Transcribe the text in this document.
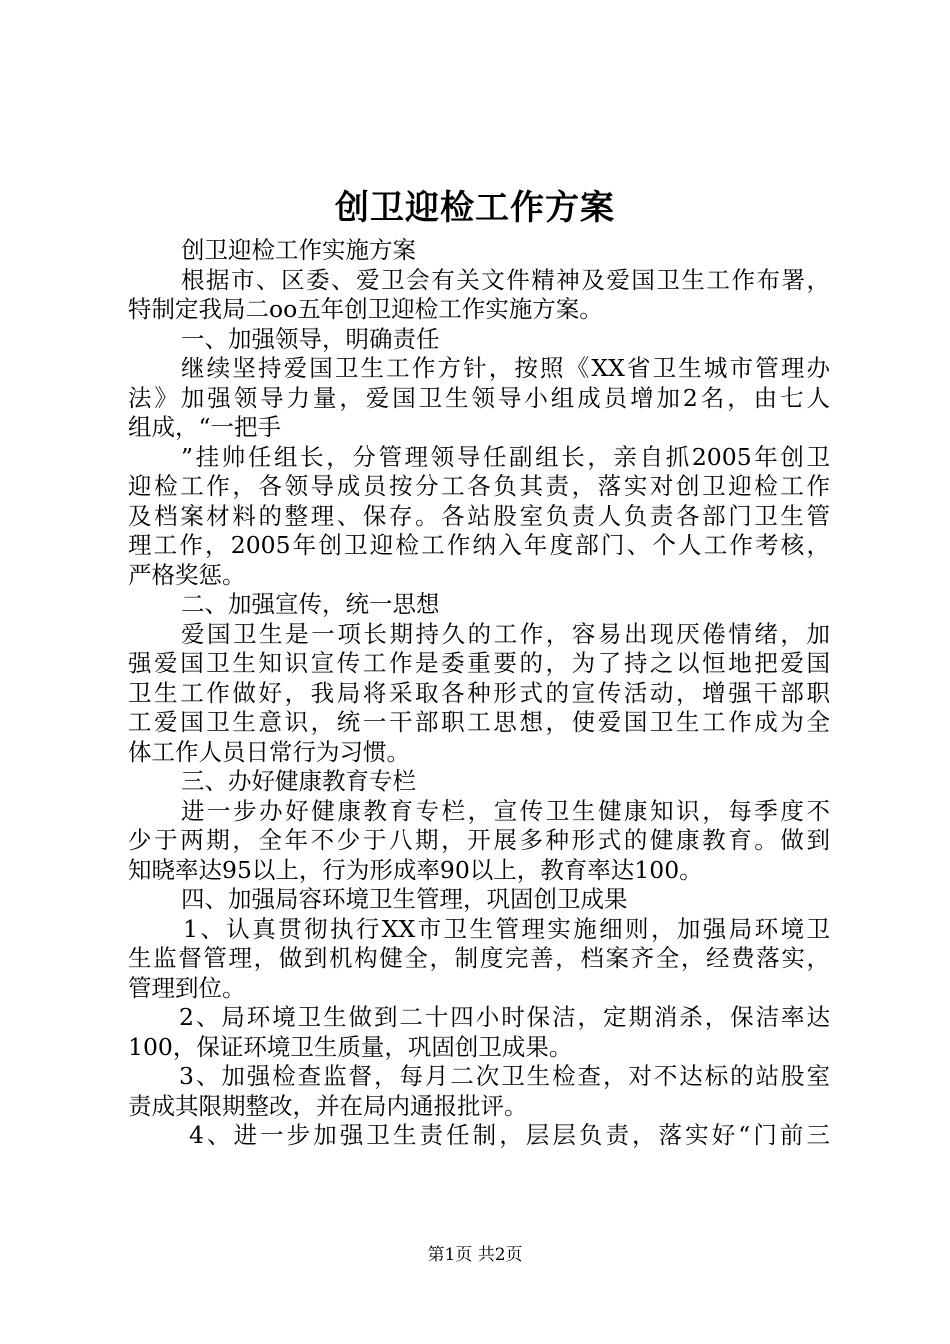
创卫迎检工作方案
创卫迎检工作实施方案
根据市、区委、爱卫会有关文件精神及爱国卫生工作布署，
特制定我局二oo五年创卫迎检工作实施方案。
一、加强领导，明确责任
继续坚持爱国卫生工作方针，按照《XX省卫生城市管理办
法》加强领导力量，爱国卫生领导小组成员增加2名，由七人
组成，“一把手
”挂帅任组长，分管理领导任副组长，亲自抓2005年创卫
迎检工作，各领导成员按分工各负其责，落实对创卫迎检工作
及档案材料的整理、保存。各站股室负责人负责各部门卫生管
理工作，2005年创卫迎检工作纳入年度部门、个人工作考核，
严格奖惩。
二、加强宣传，统一思想
爱国卫生是一项长期持久的工作，容易出现厌倦情绪，加
强爱国卫生知识宣传工作是委重要的，为了持之以恒地把爱国
卫生工作做好，我局将采取各种形式的宣传活动，增强干部职
工爱国卫生意识，统一干部职工思想，使爱国卫生工作成为全
体工作人员日常行为习惯。
三、办好健康教育专栏
进一步办好健康教育专栏，宣传卫生健康知识，每季度不
少于两期，全年不少于八期，开展多种形式的健康教育。做到
知晓率达95以上，行为形成率90以上，教育率达100。
四、加强局容环境卫生管理，巩固创卫成果
1、认真贯彻执行XX市卫生管理实施细则，加强局环境卫
生监督管理，做到机构健全，制度完善，档案齐全，经费落实，
管理到位。
2、局环境卫生做到二十四小时保洁，定期消杀，保洁率达
100，保证环境卫生质量，巩固创卫成果。
3、加强检查监督，每月二次卫生检查，对不达标的站股室
责成其限期整改，并在局内通报批评。
4、进一步加强卫生责任制，层层负责，落实好“门前三
第1页 共2页
